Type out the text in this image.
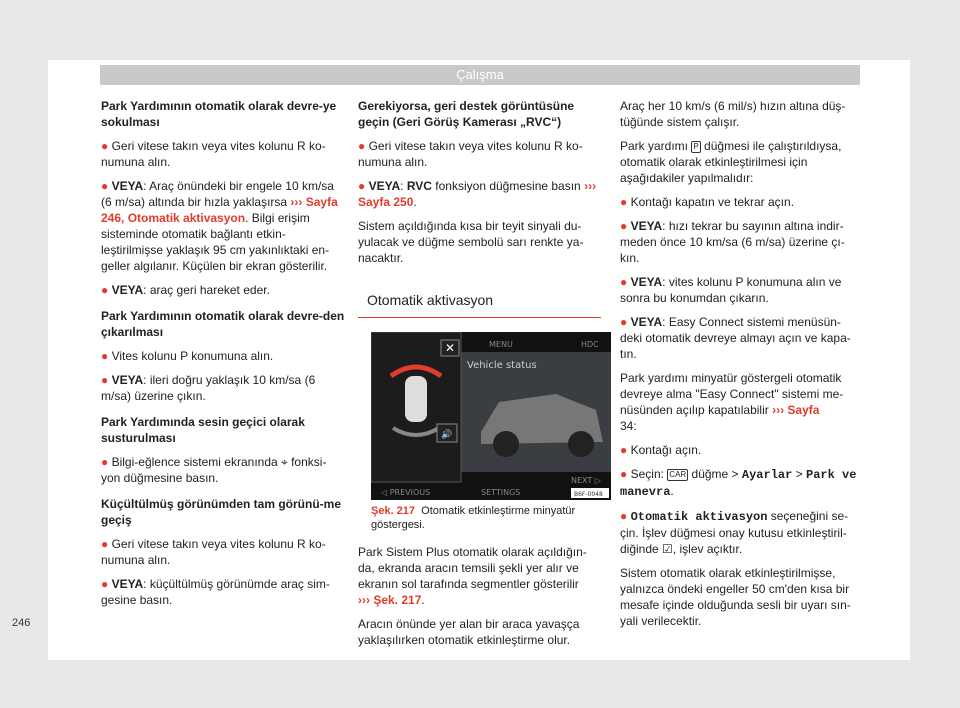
Çalışma

Park Yardımının otomatik olarak devre-ye sokulması

● Geri vitese takın veya vites kolunu R ko-numuna alın.

● VEYA: Araç önündeki bir engele 10 km/sa (6 m/sa) altında bir hızla yaklaşırsa ››› Sayfa 246, Otomatik aktivasyon. Bilgi erişim sisteminde otomatik bağlantı etkin-leştirilmişse yaklaşık 95 cm yakınlıktaki en-geller algılanır. Küçülen bir ekran gösterilir.

● VEYA: araç geri hareket eder.

Park Yardımının otomatik olarak devre-den çıkarılması

● Vites kolunu P konumuna alın.

● VEYA: ileri doğru yaklaşık 10 km/sa (6 m/sa) üzerine çıkın.

Park Yardımında sesin geçici olarak susturulması

● Bilgi-eğlence sistemi ekranında ⌖ fonksi-yon düğmesine basın.

Küçültülmüş görünümden tam görünü-me geçiş

● Geri vitese takın veya vites kolunu R ko-numuna alın.

● VEYA: küçültülmüş görünümde araç sim-gesine basın.

Gerekiyorsa, geri destek görüntüsüne geçin (Geri Görüş Kamerası „RVC“)

● Geri vitese takın veya vites kolunu R ko-numuna alın.

● VEYA: RVC fonksiyon düğmesine basın ››› Sayfa 250.

Sistem açıldığında kısa bir teyit sinyali du-yulacak ve düğme sembolü sarı renkte ya-nacaktır.

Otomatik aktivasyon
✕
🔊
MENU	HDC
Vehicle status
◁ PREVIOUS	SETTINGS
NEXT ▷
B6F-0048
Şek. 217 Otomatik etkinleştirme minyatür göstergesi.

Park Sistem Plus otomatik olarak açıldığın-da, ekranda aracın temsili şekli yer alır ve ekranın sol tarafında segmentler gösterilir
››› Şek. 217.

Aracın önünde yer alan bir araca yavaşça yaklaşılırken otomatik etkinleştirme olur.

Araç her 10 km/s (6 mil/s) hızın altına düş-tüğünde sistem çalışır.

Park yardımı P düğmesi ile çalıştırıldıysa, otomatik olarak etkinleştirilmesi için aşağıdakiler yapılmalıdır:

● Kontağı kapatın ve tekrar açın.

● VEYA: hızı tekrar bu sayının altına indir-meden önce 10 km/sa (6 m/sa) üzerine çı-kın.

● VEYA: vites kolunu P konumuna alın ve sonra bu konumdan çıkarın.

● VEYA: Easy Connect sistemi menüsün-deki otomatik devreye almayı açın ve kapa-tın.

Park yardımı minyatür göstergeli otomatik devreye alma "Easy Connect" sistemi me-nüsünden açılıp kapatılabilir ››› Sayfa
34:

● Kontağı açın.

● Seçin: CAR düğme > Ayarlar > Park ve manevra.

● Otomatik aktivasyon seçeneğini se-çin. İşlev düğmesi onay kutusu etkinleştiril-diğinde ☑, işlev açıktır.

Sistem otomatik olarak etkinleştirilmişse, yalnızca öndeki engeller 50 cm'den kısa bir mesafe içinde olduğunda sesli bir uyarı sın-yali verilecektir.

246
